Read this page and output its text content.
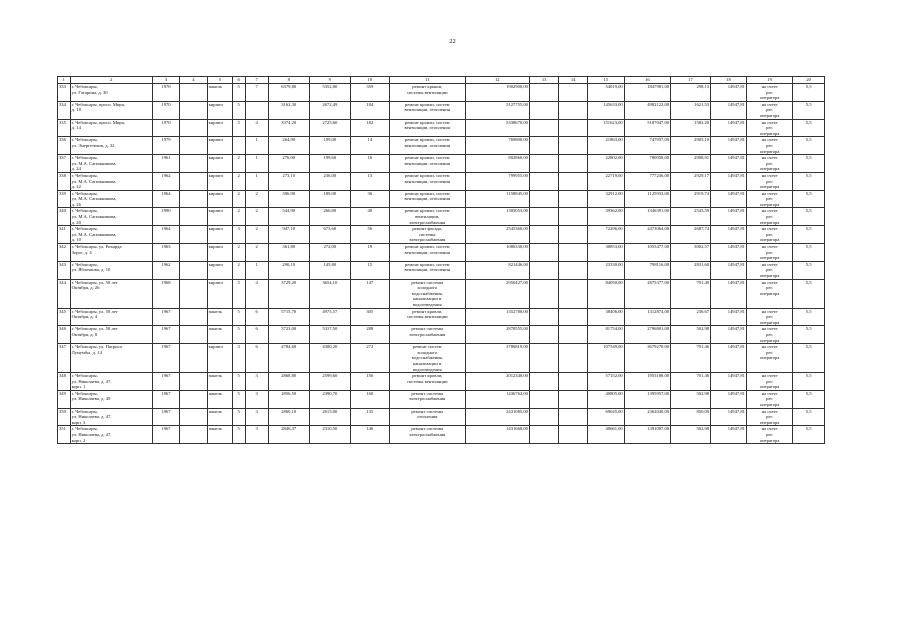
22
1	2	3	4	5	6	7	8	9	10	11	12	13	14	15	16	17	18	19	20
333	г. Чебоксары,
ул. Гагарина, д. 30	1970		панель	5	7	6379,80	5352,80	359	ремонт крыши,
системы вентиляции	1902900,00			54019,00	1847981,00	298,13	14947,81	на счете
рег.
оператора	5,5
334	г. Чебоксары, просп. Мира,
д. 18	1970		кирпич	5		3162,30	2672,49	184	ремонт кровли, систем
вентиляции, отопления	5127755,00			145633,00	4982122,00	1621,53	14947,81	на счете
рег.
оператора	5,5
335	г. Чебоксары, просп. Мира,
д. 14	1970		кирпич	5	4	3374,20	2725,60	182	ремонт кровли, систем
вентиляции, отопления	5338670,00			151623,00	5187047,00	1582,20	14947,81	на счете
рег.
оператора	5,5
336	г. Чебоксары,
ул. Энергетиков, д. 32	1979		кирпич		1	264,90	199,00	14	ремонт кровли, систем
вентиляции, отопления	769800,00			21863,00	747937,00	2905,10	14947,81	на счете
рег.
оператора	5,5
337	г. Чебоксары,
ул. М.А. Сапожникова,
д. 24	1961		кирпич	2	1	276,00	199,60	16	ремонт кровли, систем
вентиляции, отопления	802860,00			22802,00	780058,00	2908,91	14947,81	на счете
рег.
оператора	5,5
338	г. Чебоксары,
ул. М.А. Сапожникова,
д. 22	1962		кирпич	2	1	273,10	236,00	13	ремонт кровли, систем
вентиляции, отопления	799955,00			22719,00	777236,00	2929,17	14947,81	на счете
рег.
оператора	5,5
339	г. Чебоксары,
ул. М.А. Сапожникова,
д. 26	1964		кирпич	2	2	396,90	189,00	36	ремонт кровли, систем
вентиляции, отопления	1158845,00			32912,00	1125933,00	2919,74	14947,81	на счете
рег.
оператора	5,5
340	г. Чебоксары,
ул. М.А. Сапожникова,
д. 20	1990		кирпич	2	2	544,90	266,80	40	ремонт кровли, систем
вентиляции,
электроснабжения	1385053,00			39362,00	1346391,00	2543,59	14947,81	на счете
рег.
оператора	5,5
341	г. Чебоксары,
ул. М.А. Сапожникова,
д. 10	1964		кирпич	3	2	947,10	673,60	56	ремонт фасада,
системы
электроснабжения	2545360,00			72296,00	2473064,00	2687,74	14947,81	на счете
рег.
оператора	5,5
342	г. Чебоксары, ул. Рихарда
Зорге, д. 4	1963		кирпич	2	2	361,80	272,00	19	ремонт кровли, систем
вентиляции, отопления	1086330,00			30853,00	1055477,00	3002,57	14947,81	на счете
рег.
оператора	5,5
343	г. Чебоксары,
ул. Яблочкова, д. 10	1962		кирпич	2	1	290,10	145,80	15	ремонт кровли, систем
вентиляции, отопления	821446,00			23330,00	798116,00	2831,60	14947,81	на счете
рег.
оператора	5,5
344	г. Чебоксары, ул. 50 лет
Октября, д. 26	1968		кирпич	5	4	3729,20	3654,10	147	ремонт системы
холодного
водоснабжения,
канализации и
водоотведения	2950427,00			84050,00	2875377,00	791,49	14947,81	на счете
рег.
оператора	5,5
345	г. Чебоксары, ул. 50 лет
Октября, д. 4	1967		панель	5	6	5715,70	4975,57	305	ремонт кровли,
системы вентиляции	1352780,00			38406,00	1312874,00	236,67	14947,81	на счете
рег.
оператора	5,5
346	г. Чебоксары, ул. 50 лет
Октября, д. 8	1967		панель	5	6	5723,00	5317,50	288	ремонт системы
электроснабжения	2878555,00			81754,00	2796801,00	502,98	14947,81	на счете
рег.
оператора	5,5
347	г. Чебоксары, ул. Патриса
Лумумбы, д. 14	1967		кирпич	3	6	4784,60	4300,20	272	ремонт систем
холодного
водоснабжения,
канализации и
водоотведения	3786819,00			107549,00	3679270,00	791,46	14947,81	на счете
рег.
оператора	5,5
348	г. Чебоксары,
ул. Николаева, д. 47,
корп. 1	1967		панель	5	3	2868,80	2599,60	156	ремонт кровли,
системы вентиляции	2012340,00			57152,00	1955188,00	701,46	14947,81	на счете
рег.
оператора	5,5
349	г. Чебоксары,
ул. Николаева, д. 49	1967		панель	5	3	2856,50	2390,70	160	ремонт системы
электроснабжения	1436762,00			40805,00	1395957,00	502,98	14947,81	на счете
рег.
оператора	5,5
350	г. Чебоксары,
ул. Николаева, д. 47,
корп. 3	1967		панель	5	3	2860,10	2615,00	135	ремонт системы
отопления	2431085,00			69045,00	2362040,00	850,00	14947,81	на счете
рег.
оператора	5,5
351	г. Чебоксары,
ул. Николаева, д. 47,
корп. 2	1967		панель	5	3	2846,37	2310,50	146	ремонт системы
электроснабжения	1431668,00			40661,00	1391007,00	502,98	14947,81	на счете
рег.
оператора	5,5
